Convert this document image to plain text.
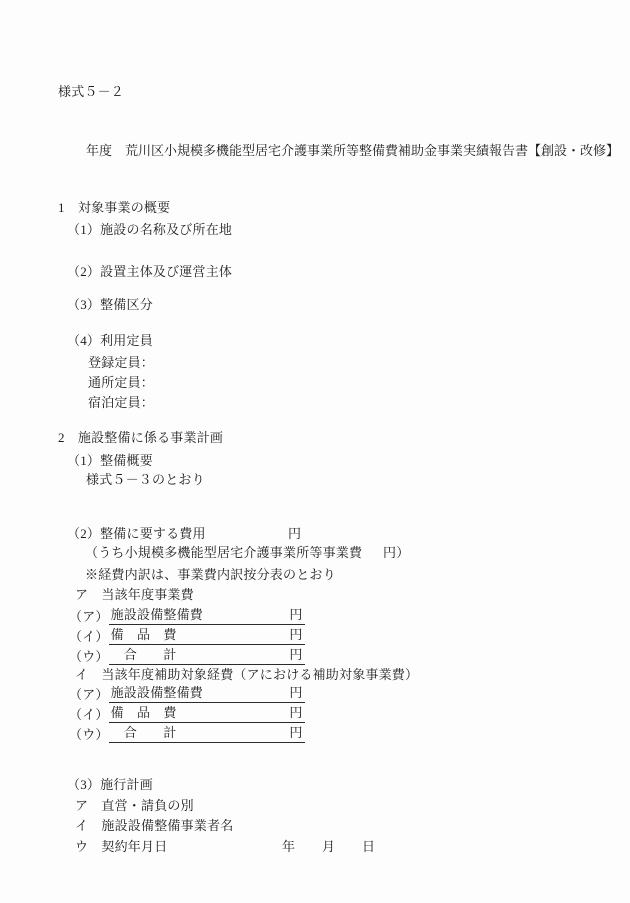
様式５－２
年度　荒川区小規模多機能型居宅介護事業所等整備費補助金事業実績報告書【創設・改修】
1　対象事業の概要
（1）施設の名称及び所在地
（2）設置主体及び運営主体
（3）整備区分
（4）利用定員
登録定員：
通所定員：
宿泊定員：
2　施設整備に係る事業計画
（1）整備概要
様式５－３のとおり
（2）整備に要する費用	円
（うち小規模多機能型居宅介護事業所等事業費 円）
※経費内訳は、事業費内訳按分表のとおり
ア　当該年度事業費
（ア） 施設設備整備費	円
（イ） 備　品　費	円
（ウ） 　合　　計	円
イ　当該年度補助対象経費（アにおける補助対象事業費）
（ア） 施設設備整備費	円
（イ） 備　品　費	円
（ウ） 　合　　計	円
（3）施行計画
ア　直営・請負の別
イ　施設設備整備事業者名
ウ　契約年月日	年 月 日
